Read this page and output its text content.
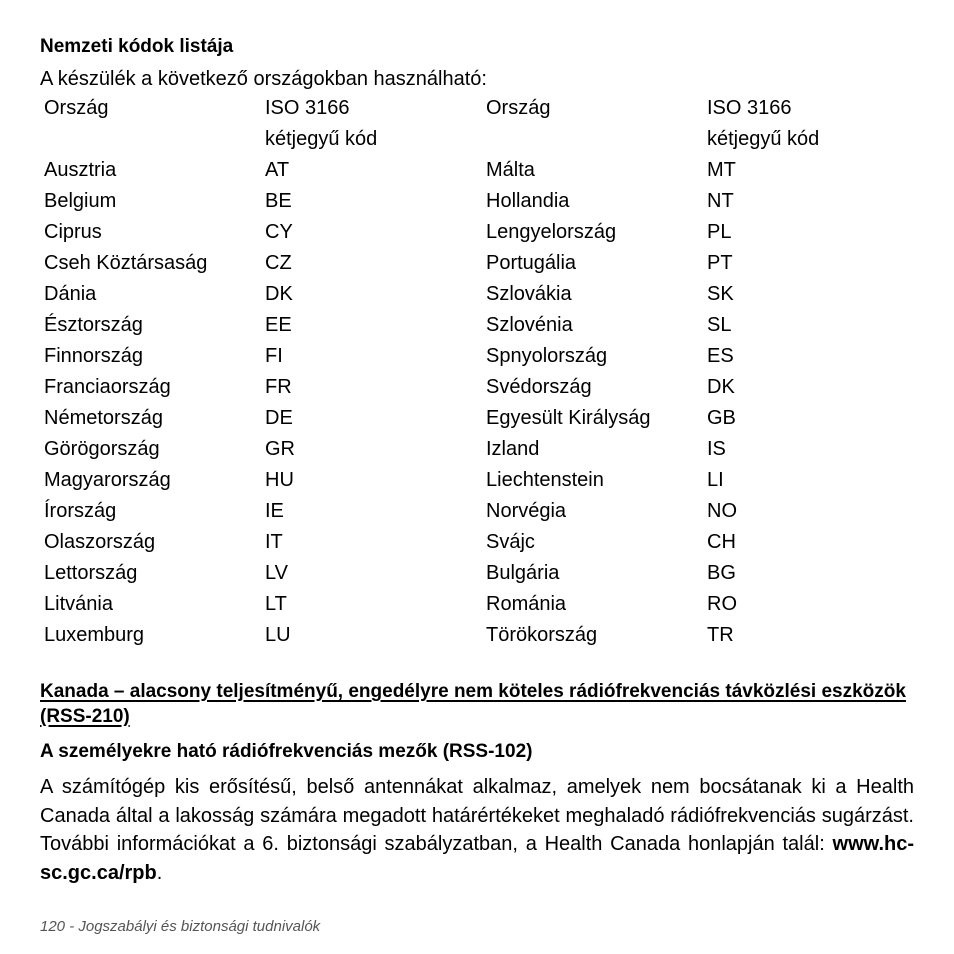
Nemzeti kódok listája
A készülék a következő országokban használható:
Ország	ISO 3166	Ország	ISO 3166
	kétjegyű kód		kétjegyű kód
Ausztria	AT	Málta	MT
Belgium	BE	Hollandia	NT
Ciprus	CY	Lengyelország	PL
Cseh Köztársaság	CZ	Portugália	PT
Dánia	DK	Szlovákia	SK
Észtország	EE	Szlovénia	SL
Finnország	FI	Spnyolország	ES
Franciaország	FR	Svédország	DK
Németország	DE	Egyesült Királyság	GB
Görögország	GR	Izland	IS
Magyarország	HU	Liechtenstein	LI
Írország	IE	Norvégia	NO
Olaszország	IT	Svájc	CH
Lettország	LV	Bulgária	BG
Litvánia	LT	Románia	RO
Luxemburg	LU	Törökország	TR
Kanada – alacsony teljesítményű, engedélyre nem köteles rádiófrekvenciás távközlési eszközök (RSS-210)
A személyekre ható rádiófrekvenciás mezők (RSS-102)
A számítógép kis erősítésű, belső antennákat alkalmaz, amelyek nem bocsátanak ki a Health Canada által a lakosság számára megadott határértékeket meghaladó rádiófrekvenciás sugárzást. További információkat a 6. biztonsági szabályzatban, a Health Canada honlapján talál: www.hc-sc.gc.ca/rpb.
120 - Jogszabályi és biztonsági tudnivalók
